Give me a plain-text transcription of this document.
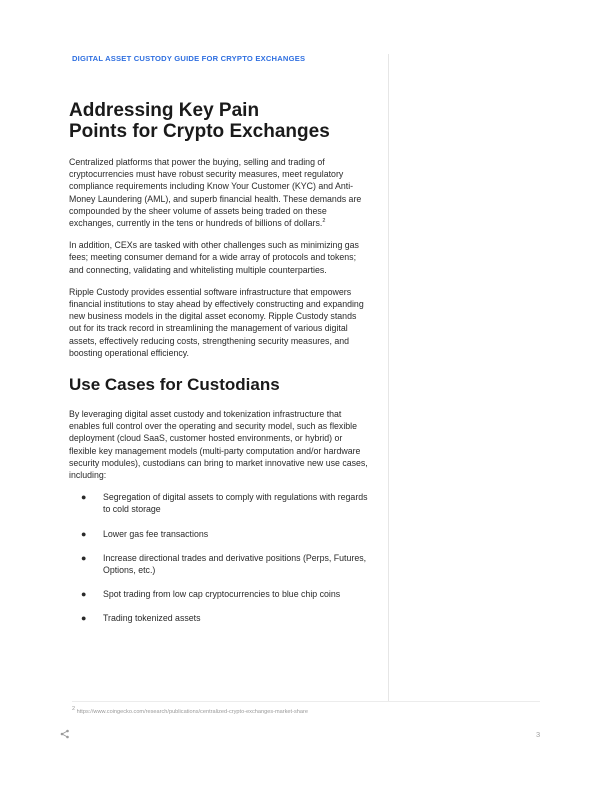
DIGITAL ASSET CUSTODY GUIDE FOR CRYPTO EXCHANGES
Addressing Key Pain
Points for Crypto Exchanges

Centralized platforms that power the buying, selling and trading of cryptocurrencies must have robust security measures, meet regulatory compliance requirements including Know Your Customer (KYC) and Anti-Money Laundering (AML), and superb financial health. These demands are compounded by the sheer volume of assets being traded on these exchanges, currently in the tens or hundreds of billions of dollars.$^2$

In addition, CEXs are tasked with other challenges such as minimizing gas fees; meeting consumer demand for a wide array of protocols and tokens; and connecting, validating and whitelisting multiple counterparties.

Ripple Custody provides essential software infrastructure that empowers financial institutions to stay ahead by effectively constructing and expanding new business models in the digital asset economy. Ripple Custody stands out for its track record in streamlining the management of various digital assets, effectively reducing costs, strengthening security measures, and boosting operational efficiency.

Use Cases for Custodians

By leveraging digital asset custody and tokenization infrastructure that enables full control over the operating and security model, such as flexible deployment (cloud SaaS, customer hosted environments, or hybrid) or flexible key management models (multi-party computation and/or hardware security modules), custodians can bring to market innovative new use cases, including:

● Segregation of digital assets to comply with regulations with regards to cold storage
● Lower gas fee transactions
● Increase directional trades and derivative positions (Perps, Futures, Options, etc.)
● Spot trading from low cap cryptocurrencies to blue chip coins
● Trading tokenized assets
$^2$ https://www.coingecko.com/research/publications/centralized-crypto-exchanges-market-share
3
